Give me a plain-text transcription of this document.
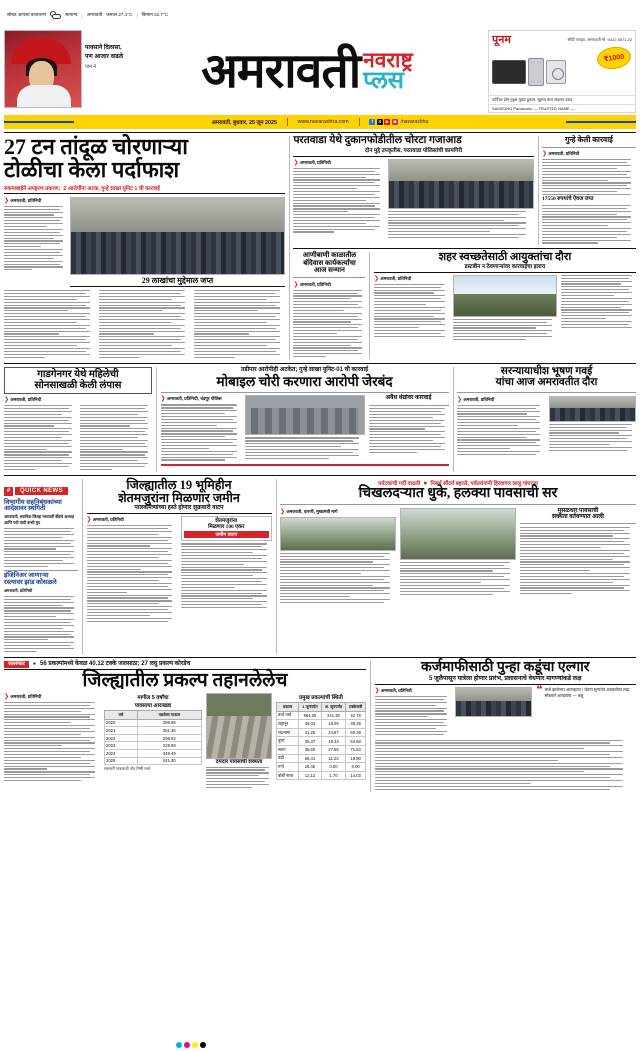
सोबत आपला वातावरण	सामान्य | अमरावती कमाल 27.4°C / किमान 22.7°C
पावसाने दिलासा, पण आजार वाढले
पान 4	अमरावती नवराष्ट्र
प्लस
पूनम	सौदी प्लाझा, अमरावती मो. 9422 8571 22
₹1000
फर्निचर होम गुड्स मुख्य दुकान, खुल्या माल सवलत दरात
SAMSUNG Panasonic — TRUSTED NAME —
अमरावती, बुधवार, 25 जून 2025	www.navarashtra.com	f	X ▶	◙ /navarashtra
27 टन तांदूळ चोरणाऱ्या
टोळीचा केला पर्दाफाश
रुकमाबाईने अपहरण प्रकरण; 2 आरोपींना अटक, गुन्हे शाखा युनिट 1 ची कारवाई
❯ अमरावती, प्रतिनिधी
29 लाखांचा मुद्देमाल जप्त
परतवाडा येथे दुकानफोडीतील चोरटा गजाआड
दोन मुद्दे उपकृतीस, परतवाडा पोलिसांची कामगिरी
❯ अमरावती, प्रतिनिधी
गुन्हे केली कारवाई
❯ अमरावती, प्रतिनिधी
17550 रुपयांचे ऐवज जप्त
आणीबाणी काळातील
बंदिवास कार्यकर्त्यांचा
आज सन्मान
❯ अमरावती, प्रतिनिधी
शहर स्वच्छतेसाठी आयुक्तांचा दौरा
डस्टबीन न ठेवणाऱ्यांवर कारवाईचा इशारा
❯ अमरावती, प्रतिनिधी
गाडगेनगर येथे महिलेची
सोनसाखळी केली लंपास
❯ अमरावती, प्रतिनिधी
तडीपार आरोपीही अटकेत; गुन्हे शाखा युनिट-01 ची कारवाई
मोबाइल चोरी करणारा आरोपी जेरबंद
❯ अमरावती, प्रतिनिधी, चंद्रपूर पोलिस	अवैध धंद्यांवर कारवाई
सरन्यायाधीश भूषण गवई
यांचा आज अमरावतीत दौरा
❯ अमरावती, प्रतिनिधी
#	QUICK NEWS
विभागीय सहनिबंधकांच्या
आदेशावर स्थगिती
अमरावती, स्थानिक जिल्हा मध्यवर्ती बँकेचे अध्यक्ष आणि पदी वादी बन्सी मुद
इंजिनिअर जाणाऱ्या
रस्त्यावर झाड कोसळले
अमरावती, प्रतिनिधी
जिल्ह्यातील 19 भूमिहीन
शेतमजुरांना मिळणार जमीन
पालकमंत्र्यांच्या हस्ते होणार शुक्रवारी वाटप
❯ अमरावती, प्रतिनिधी	शेतमजुरांना
मिळणार 100 एकर
जमीन वाटप
पर्यटकांची गर्दी वाढली ● निसर्ग सौंदर्य बहरले, पर्वतरांगांनी हिरवागार शालू पांघरला
चिखलदऱ्यात धुके, हलक्या पावसाची सर
❯ अमरावती, धारणी, मुख्यमंत्री मार्ग	मुसळधार पावसाची
शक्यता वर्तवण्यात आली
जलसंकट	● 56 प्रकल्पांमध्ये केवळ 40.12 टक्के जलसाठा; 27 लघु प्रकल्प कोरडेच
जिल्ह्यातील प्रकल्प तहानलेलेच
❯ अमरावती, प्रतिनिधी	मागील 5 वर्षांचा
पावसाचा आराखडा
वर्ष	पडलेला पाऊस
2020	289.96
2021	351.36
2022	296.02
2023	228.98
2024	349.49
2025	241.30
सरासरी पावसाची नोंद मिमी मध्ये
दमदार पावसाची शक्यता
प्रमुख प्रकल्पांची स्थिती
प्रकल्प	1 जूनपर्यंत	अ. जूनपर्यंत	टक्केवारी
उर्ध्व वर्धा	564.05	241.30	42.78
शहानूर	46.04	18.09	39.29
चंद्रभागा	41.25	24.87	60.29
पूर्णा	35.37	19.34	54.68
सपन	38.60	27.65	71.63
पढी	56.41	11.23	19.90
गर्गा	26.45	0.00	0.00
बोर्डी नाला	12.12	1.70	14.03
कर्जमाफीसाठी पुन्हा कडूंचा एल्गार
5 जुलैपासून यात्रेला होणार प्रारंभ, प्रशासनाचे वेधणार मागण्यांकडे लक्ष
❯ अमरावती, प्रतिनिधी	❝ कर्ज झालेल्या आत्महत्या ! चेतना शून्यतेत अडकलेला लढा सोडवणे आवश्यक — कडू
